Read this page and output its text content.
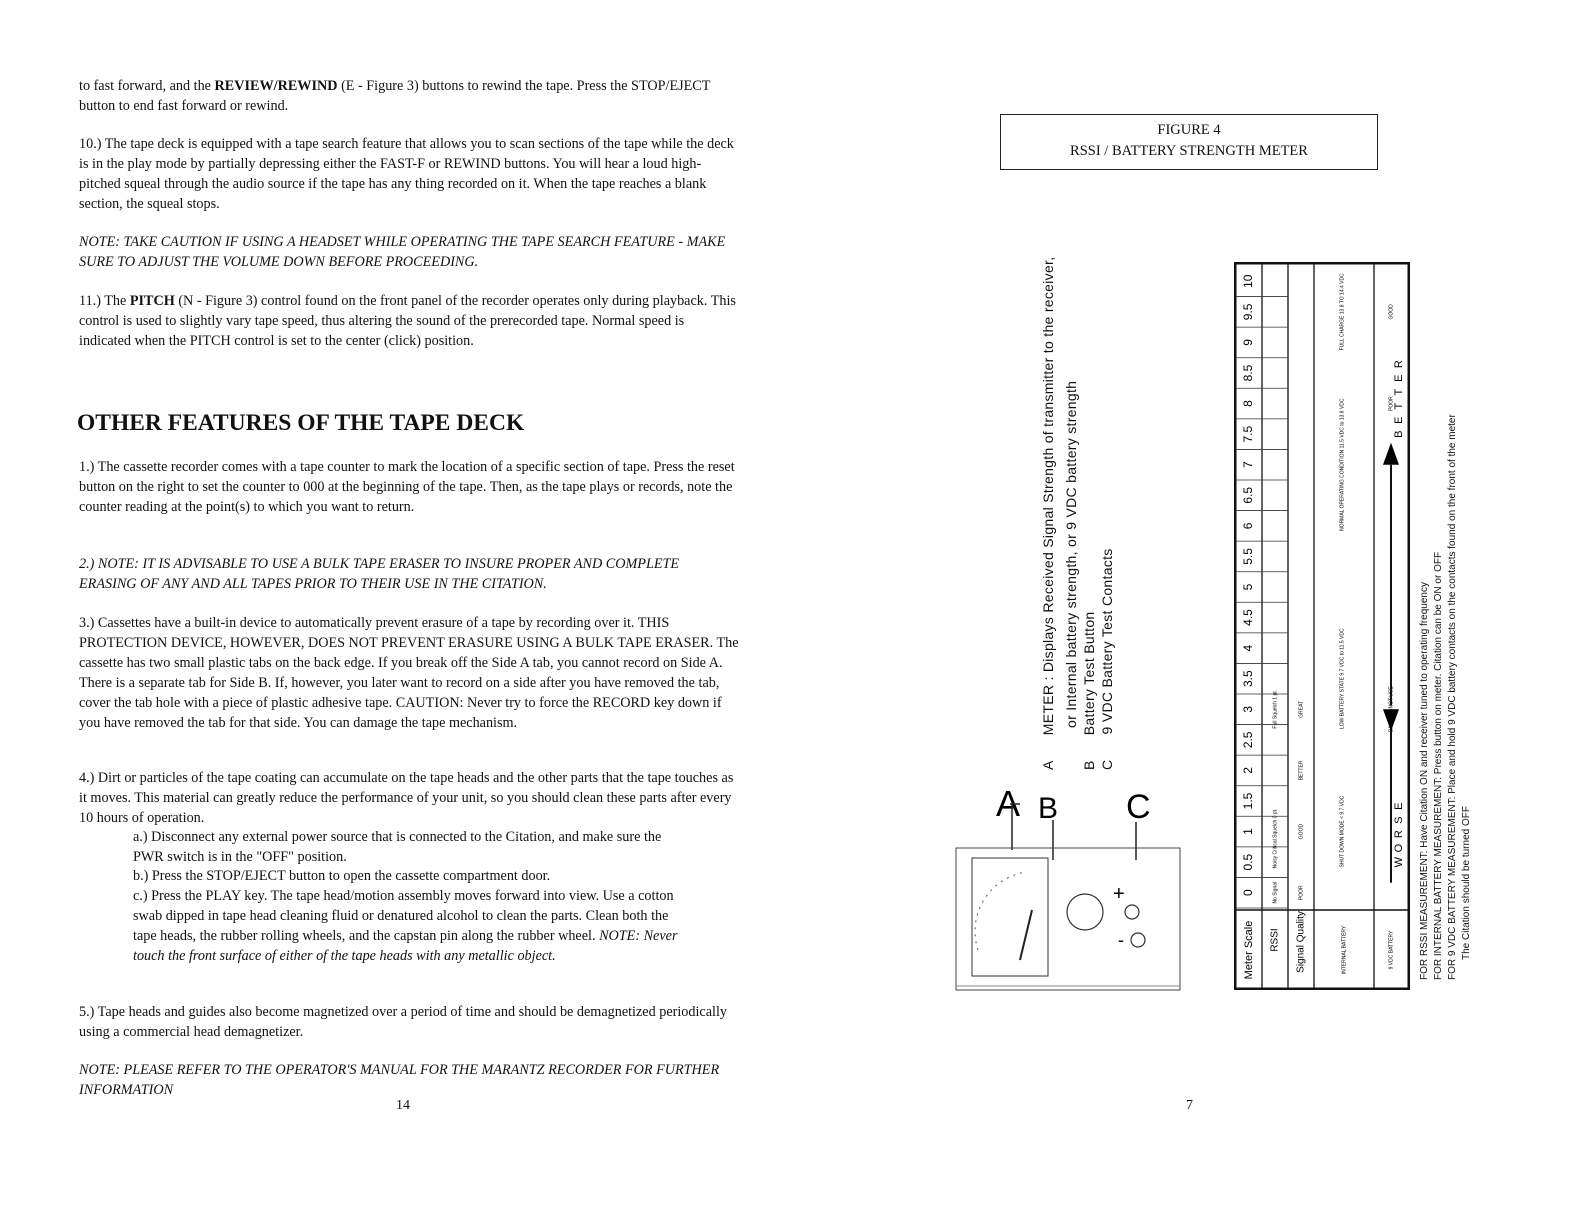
to fast forward, and the REVIEW/REWIND (E - Figure 3) buttons to rewind the tape. Press the STOP/EJECT button to end fast forward or rewind.
10.) The tape deck is equipped with a tape search feature that allows you to scan sections of the tape while the deck is in the play mode by partially depressing either the FAST-F or REWIND buttons. You will hear a loud high-pitched squeal through the audio source if the tape has any thing recorded on it. When the tape reaches a blank section, the squeal stops.
NOTE: TAKE CAUTION IF USING A HEADSET WHILE OPERATING THE TAPE SEARCH FEATURE - MAKE SURE TO ADJUST THE VOLUME DOWN BEFORE PROCEEDING.
11.) The PITCH (N - Figure 3) control found on the front panel of the recorder operates only during playback. This control is used to slightly vary tape speed, thus altering the sound of the prerecorded tape. Normal speed is indicated when the PITCH control is set to the center (click) position.
OTHER FEATURES OF THE TAPE DECK
1.) The cassette recorder comes with a tape counter to mark the location of a specific section of tape. Press the reset button on the right to set the counter to 000 at the beginning of the tape. Then, as the tape plays or records, note the counter reading at the point(s) to which you want to return.
2.) NOTE: IT IS ADVISABLE TO USE A BULK TAPE ERASER TO INSURE PROPER AND COMPLETE ERASING OF ANY AND ALL TAPES PRIOR TO THEIR USE IN THE CITATION.
3.) Cassettes have a built-in device to automatically prevent erasure of a tape by recording over it. THIS PROTECTION DEVICE, HOWEVER, DOES NOT PREVENT ERASURE USING A BULK TAPE ERASER. The cassette has two small plastic tabs on the back edge. If you break off the Side A tab, you cannot record on Side A. There is a separate tab for Side B. If, however, you later want to record on a side after you have removed the tab, cover the tab hole with a piece of plastic adhesive tape. CAUTION: Never try to force the RECORD key down if you have removed the tab for that side. You can damage the tape mechanism.
4.) Dirt or particles of the tape coating can accumulate on the tape heads and the other parts that the tape touches as it moves. This material can greatly reduce the performance of your unit, so you should clean these parts after every 10 hours of operation.
a.) Disconnect any external power source that is connected to the Citation, and make sure the PWR switch is in the "OFF" position.
b.) Press the STOP/EJECT button to open the cassette compartment door.
c.) Press the PLAY key. The tape head/motion assembly moves forward into view. Use a cotton swab dipped in tape head cleaning fluid or denatured alcohol to clean the parts. Clean both the tape heads, the rubber rolling wheels, and the capstan pin along the rubber wheel. NOTE: Never touch the front surface of either of the tape heads with any metallic object.
5.) Tape heads and guides also become magnetized over a period of time and should be demagnetized periodically using a commercial head demagnetizer.
NOTE: PLEASE REFER TO THE OPERATOR'S MANUAL FOR THE MARANTZ RECORDER FOR FURTHER INFORMATION
14
FIGURE 4
RSSI / BATTERY STRENGTH METER
A      METER : Displays Received Signal Strength of transmitter to the receiver, or Internal battery strength, or 9 VDC battery strength
B      Battery Test Button
C      9 VDC Battery Test Contacts
A B C
+
-
0
0.5
1
1.5
2
2.5
3
3.5
4
4.5
5
5.5
6
6.5
7
7.5
8
8.5
9
9.5
10
Meter Scale RSSI Signal Quality	INTERNAL BATTERY	9 VDC BATTERY
No Signal
Noisy
Critical Squelch 0 pt.
Full Squelch 1 pt.
POOR
GOOD
BETTER
GREAT
SHUT DOWN MODE < 9.7 VDC
LOW BATTERY STATE 9.7 VDC to 11.5 VDC
NORMAL OPERATING CONDITION 11.5 VDC to 13.8 VDC
FULL CHARGE 13.8 TO 14.4 VDC
POOR
GOOD
W
O
R
S
E
B
E
T
T
E
R
FOR RSSI MEASUREMENT: Have Citation ON and receiver tuned to operating frequency FOR INTERNAL BATTERY MEASUREMENT: Press button on meter. Citation can be ON or OFF FOR 9 VDC BATTERY MEASUREMENT: Place and hold 9 VDC battery contacts on the contacts found on the front of the meter The Citation should be turned OFF
7
